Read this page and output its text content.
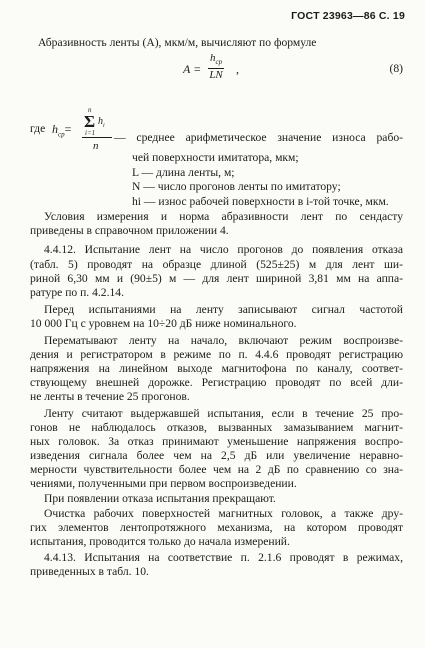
ГОСТ 23963—86 С. 19
Абразивность ленты (А), мкм/м, вычисляют по формуле
A =
$h_{ср}$
LN ,	(8)
где $h_{ср}=$
n
Σ
i=1
$h_i$
n
— среднее арифметическое значение износа рабо-
чей поверхности имитатора, мкм;
L — длина ленты, м;
N — число прогонов ленты по имитатору;
hi — износ рабочей поверхности в i-той точке, мкм.
Условия измерения и норма абразивности лент по сендасту
приведены в справочном приложении 4.
4.4.12. Испытание лент на число прогонов до появления отказа
(табл. 5) проводят на образце длиной (525±25) м для лент ши-
риной 6,30 мм и (90±5) м — для лент шириной 3,81 мм на аппа-
ратуре по п. 4.2.14.
Перед испытаниями на ленту записывают сигнал частотой
10 000 Гц с уровнем на 10÷20 дБ ниже номинального.
Перематывают ленту на начало, включают режим воспроизве-
дения и регистратором в режиме по п. 4.4.6 проводят регистрацию
напряжения на линейном выходе магнитофона по каналу, соответ-
ствующему внешней дорожке. Регистрацию проводят по всей дли-
не ленты в течение 25 прогонов.
Ленту считают выдержавшей испытания, если в течение 25 про-
гонов не наблюдалось отказов, вызванных замазыванием магнит-
ных головок. За отказ принимают уменьшение напряжения воспро-
изведения сигнала более чем на 2,5 дБ или увеличение неравно-
мерности чувствительности более чем на 2 дБ по сравнению со зна-
чениями, полученными при первом воспроизведении.
При появлении отказа испытания прекращают.
Очистка рабочих поверхностей магнитных головок, а также дру-
гих элементов лентопротяжного механизма, на котором проводят
испытания, проводится только до начала измерений.
4.4.13. Испытания на соответствие п. 2.1.6 проводят в режимах,
приведенных в табл. 10.
